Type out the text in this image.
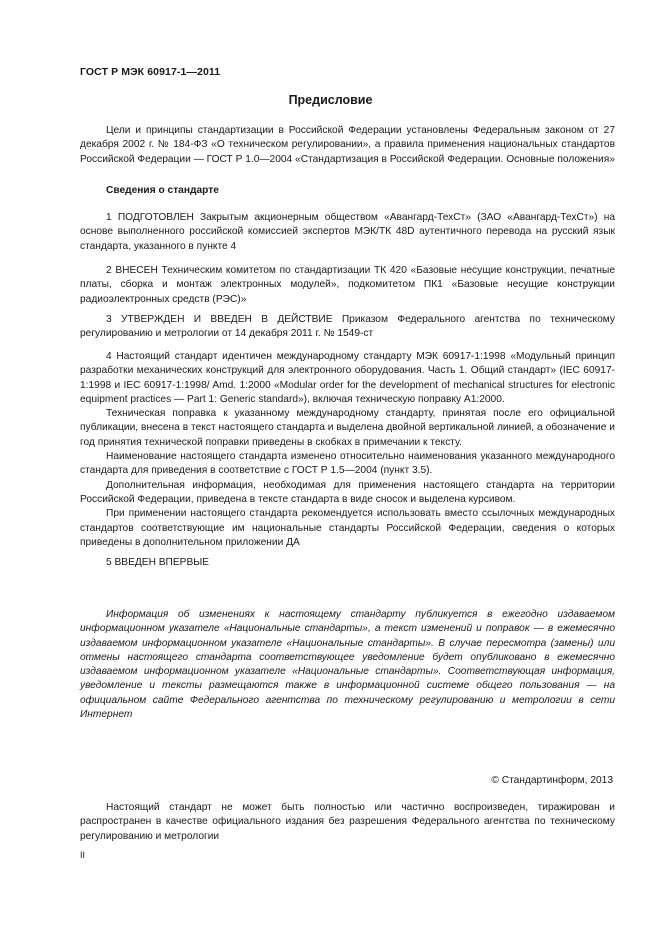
ГОСТ Р МЭК 60917-1—2011
Предисловие

Цели и принципы стандартизации в Российской Федерации установлены Федеральным законом от 27 декабря 2002 г. № 184-ФЗ «О техническом регулировании», а правила применения национальных стандартов Российской Федерации — ГОСТ Р 1.0—2004 «Стандартизация в Российской Федерации. Основные положения»

Сведения о стандарте

1 ПОДГОТОВЛЕН Закрытым акционерным обществом «Авангард-ТехСт» (ЗАО «Авангард-ТехСт») на основе выполненного российской комиссией экспертов МЭК/ТК 48D аутентичного перевода на русский язык стандарта, указанного в пункте 4

2 ВНЕСЕН Техническим комитетом по стандартизации ТК 420 «Базовые несущие конструкции, печатные платы, сборка и монтаж электронных модулей», подкомитетом ПК1 «Базовые несущие конструкции радиоэлектронных средств (РЭС)»

3 УТВЕРЖДЕН И ВВЕДЕН В ДЕЙСТВИЕ Приказом Федерального агентства по техническому регулированию и метрологии от 14 декабря 2011 г. № 1549-ст

4 Настоящий стандарт идентичен международному стандарту МЭК 60917-1:1998 «Модульный принцип разработки механических конструкций для электронного оборудования. Часть 1. Общий стандарт» (IEC 60917-1:1998 и IEC 60917-1:1998/ Amd. 1:2000 «Modular order for the development of mechanical structures for electronic equipment practices — Part 1: Generic standard»), включая техническую поправку A1:2000.

Техническая поправка к указанному международному стандарту, принятая после его официальной публикации, внесена в текст настоящего стандарта и выделена двойной вертикальной линией, а обозначение и год принятия технической поправки приведены в скобках в примечании к тексту.

Наименование настоящего стандарта изменено относительно наименования указанного международного стандарта для приведения в соответствие с ГОСТ Р 1.5—2004 (пункт 3.5).

Дополнительная информация, необходимая для применения настоящего стандарта на территории Российской Федерации, приведена в тексте стандарта в виде сносок и выделена курсивом.

При применении настоящего стандарта рекомендуется использовать вместо ссылочных международных стандартов соответствующие им национальные стандарты Российской Федерации, сведения о которых приведены в дополнительном приложении ДА

5 ВВЕДЕН ВПЕРВЫЕ

Информация об изменениях к настоящему стандарту публикуется в ежегодно издаваемом информационном указателе «Национальные стандарты», а текст изменений и поправок — в ежемесячно издаваемом информационном указателе «Национальные стандарты». В случае пересмотра (замены) или отмены настоящего стандарта соответствующее уведомление будет опубликовано в ежемесячно издаваемом информационном указателе «Национальные стандарты». Соответствующая информация, уведомление и тексты размещаются также в информационной системе общего пользования — на официальном сайте Федерального агентства по техническому регулированию и метрологии в сети Интернет

© Стандартинформ, 2013

Настоящий стандарт не может быть полностью или частично воспроизведен, тиражирован и распространен в качестве официального издания без разрешения Федерального агентства по техническому регулированию и метрологии

II
